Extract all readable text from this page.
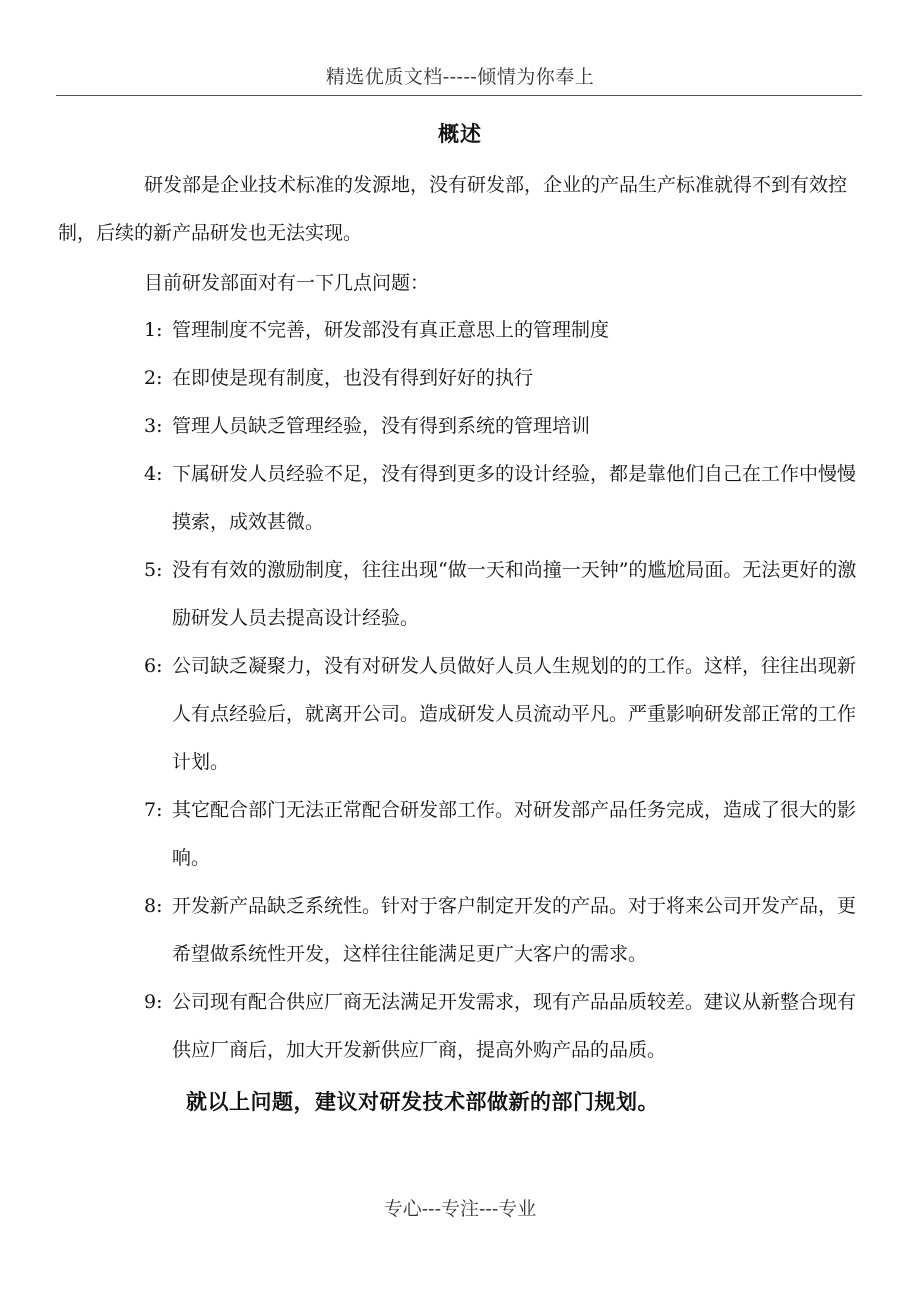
精选优质文档-----倾情为你奉上
概述

研发部是企业技术标准的发源地，没有研发部，企业的产品生产标准就得不到有效控制，后续的新产品研发也无法实现。

目前研发部面对有一下几点问题：

1: 管理制度不完善，研发部没有真正意思上的管理制度
2: 在即使是现有制度，也没有得到好好的执行
3: 管理人员缺乏管理经验，没有得到系统的管理培训
4: 下属研发人员经验不足，没有得到更多的设计经验，都是靠他们自己在工作中慢慢摸索，成效甚微。
5: 没有有效的激励制度，往往出现“做一天和尚撞一天钟”的尴尬局面。无法更好的激励研发人员去提高设计经验。
6: 公司缺乏凝聚力，没有对研发人员做好人员人生规划的的工作。这样，往往出现新人有点经验后，就离开公司。造成研发人员流动平凡。严重影响研发部正常的工作计划。
7: 其它配合部门无法正常配合研发部工作。对研发部产品任务完成，造成了很大的影响。
8: 开发新产品缺乏系统性。针对于客户制定开发的产品。对于将来公司开发产品，更希望做系统性开发，这样往往能满足更广大客户的需求。
9: 公司现有配合供应厂商无法满足开发需求，现有产品品质较差。建议从新整合现有供应厂商后，加大开发新供应厂商，提高外购产品的品质。
就以上问题，建议对研发技术部做新的部门规划。
专心---专注---专业
